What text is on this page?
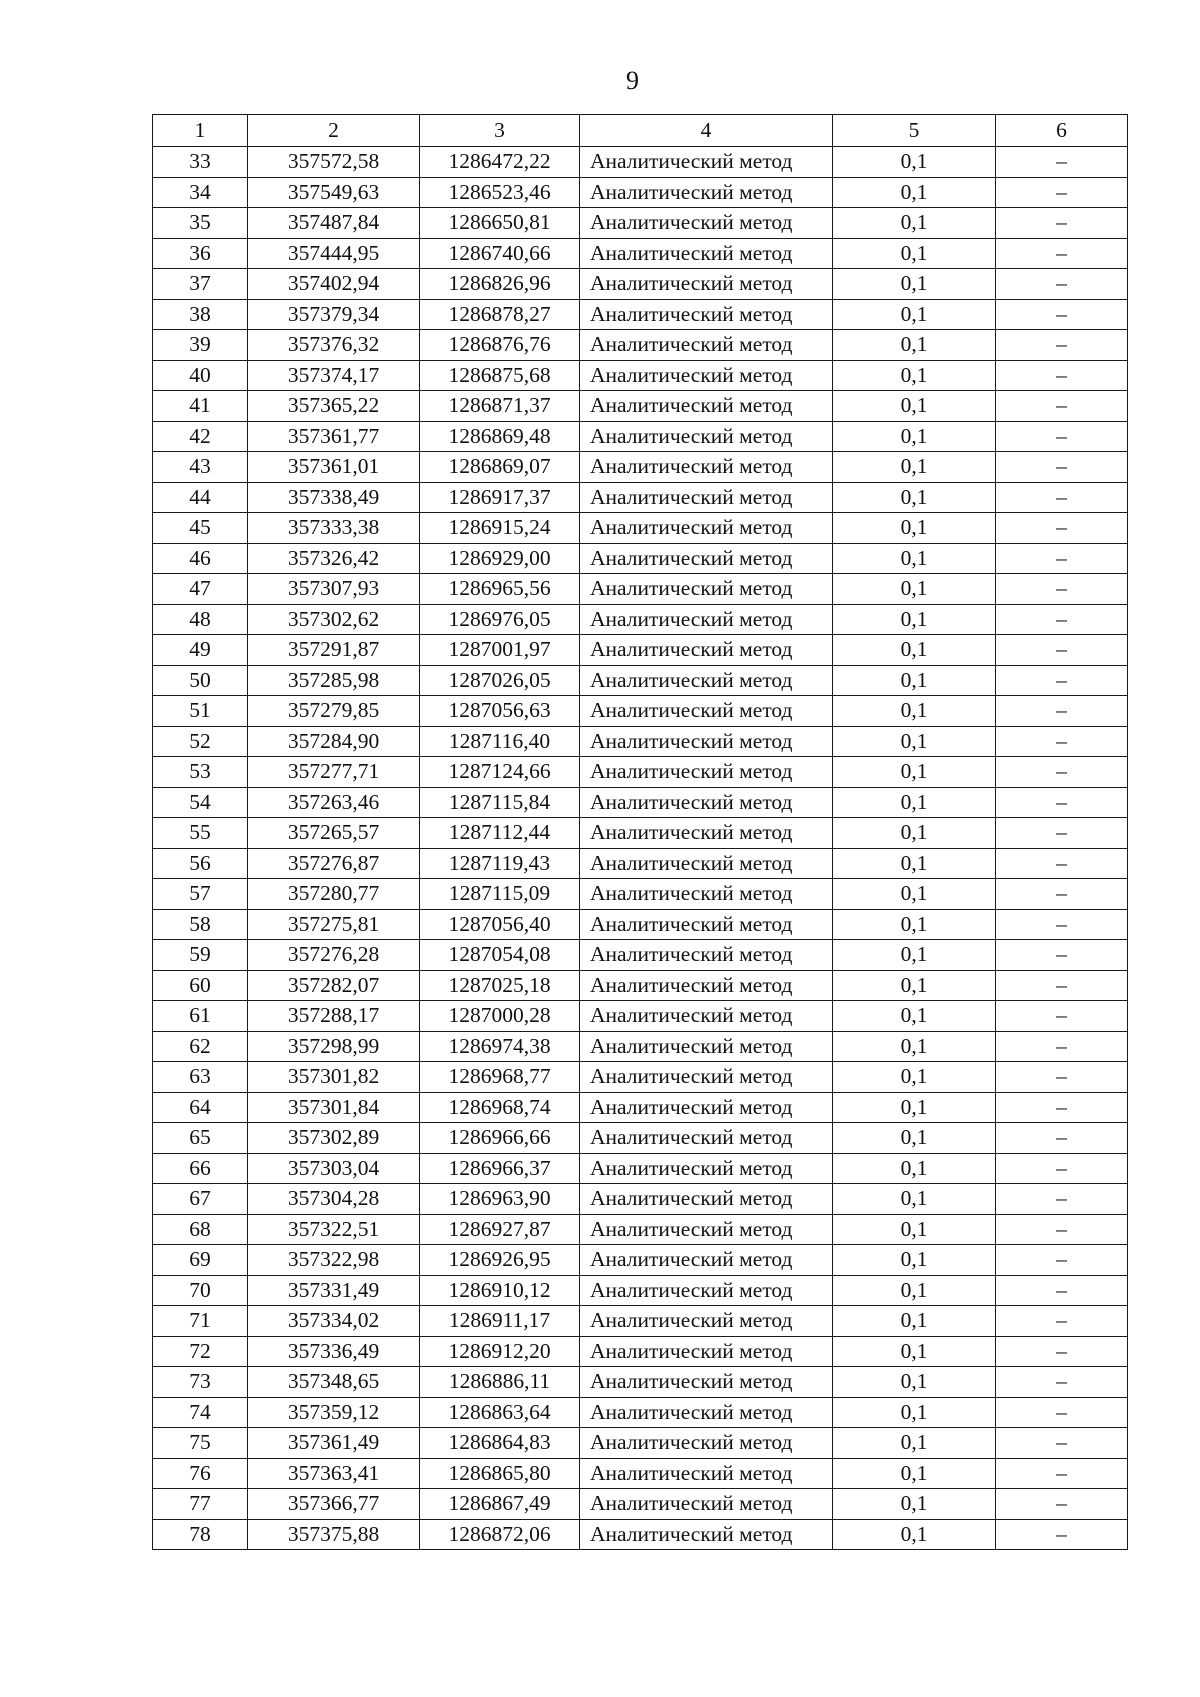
9
1	2	3	4	5	6
33	357572,58	1286472,22	Аналитический метод	0,1	–
34	357549,63	1286523,46	Аналитический метод	0,1	–
35	357487,84	1286650,81	Аналитический метод	0,1	–
36	357444,95	1286740,66	Аналитический метод	0,1	–
37	357402,94	1286826,96	Аналитический метод	0,1	–
38	357379,34	1286878,27	Аналитический метод	0,1	–
39	357376,32	1286876,76	Аналитический метод	0,1	–
40	357374,17	1286875,68	Аналитический метод	0,1	–
41	357365,22	1286871,37	Аналитический метод	0,1	–
42	357361,77	1286869,48	Аналитический метод	0,1	–
43	357361,01	1286869,07	Аналитический метод	0,1	–
44	357338,49	1286917,37	Аналитический метод	0,1	–
45	357333,38	1286915,24	Аналитический метод	0,1	–
46	357326,42	1286929,00	Аналитический метод	0,1	–
47	357307,93	1286965,56	Аналитический метод	0,1	–
48	357302,62	1286976,05	Аналитический метод	0,1	–
49	357291,87	1287001,97	Аналитический метод	0,1	–
50	357285,98	1287026,05	Аналитический метод	0,1	–
51	357279,85	1287056,63	Аналитический метод	0,1	–
52	357284,90	1287116,40	Аналитический метод	0,1	–
53	357277,71	1287124,66	Аналитический метод	0,1	–
54	357263,46	1287115,84	Аналитический метод	0,1	–
55	357265,57	1287112,44	Аналитический метод	0,1	–
56	357276,87	1287119,43	Аналитический метод	0,1	–
57	357280,77	1287115,09	Аналитический метод	0,1	–
58	357275,81	1287056,40	Аналитический метод	0,1	–
59	357276,28	1287054,08	Аналитический метод	0,1	–
60	357282,07	1287025,18	Аналитический метод	0,1	–
61	357288,17	1287000,28	Аналитический метод	0,1	–
62	357298,99	1286974,38	Аналитический метод	0,1	–
63	357301,82	1286968,77	Аналитический метод	0,1	–
64	357301,84	1286968,74	Аналитический метод	0,1	–
65	357302,89	1286966,66	Аналитический метод	0,1	–
66	357303,04	1286966,37	Аналитический метод	0,1	–
67	357304,28	1286963,90	Аналитический метод	0,1	–
68	357322,51	1286927,87	Аналитический метод	0,1	–
69	357322,98	1286926,95	Аналитический метод	0,1	–
70	357331,49	1286910,12	Аналитический метод	0,1	–
71	357334,02	1286911,17	Аналитический метод	0,1	–
72	357336,49	1286912,20	Аналитический метод	0,1	–
73	357348,65	1286886,11	Аналитический метод	0,1	–
74	357359,12	1286863,64	Аналитический метод	0,1	–
75	357361,49	1286864,83	Аналитический метод	0,1	–
76	357363,41	1286865,80	Аналитический метод	0,1	–
77	357366,77	1286867,49	Аналитический метод	0,1	–
78	357375,88	1286872,06	Аналитический метод	0,1	–
